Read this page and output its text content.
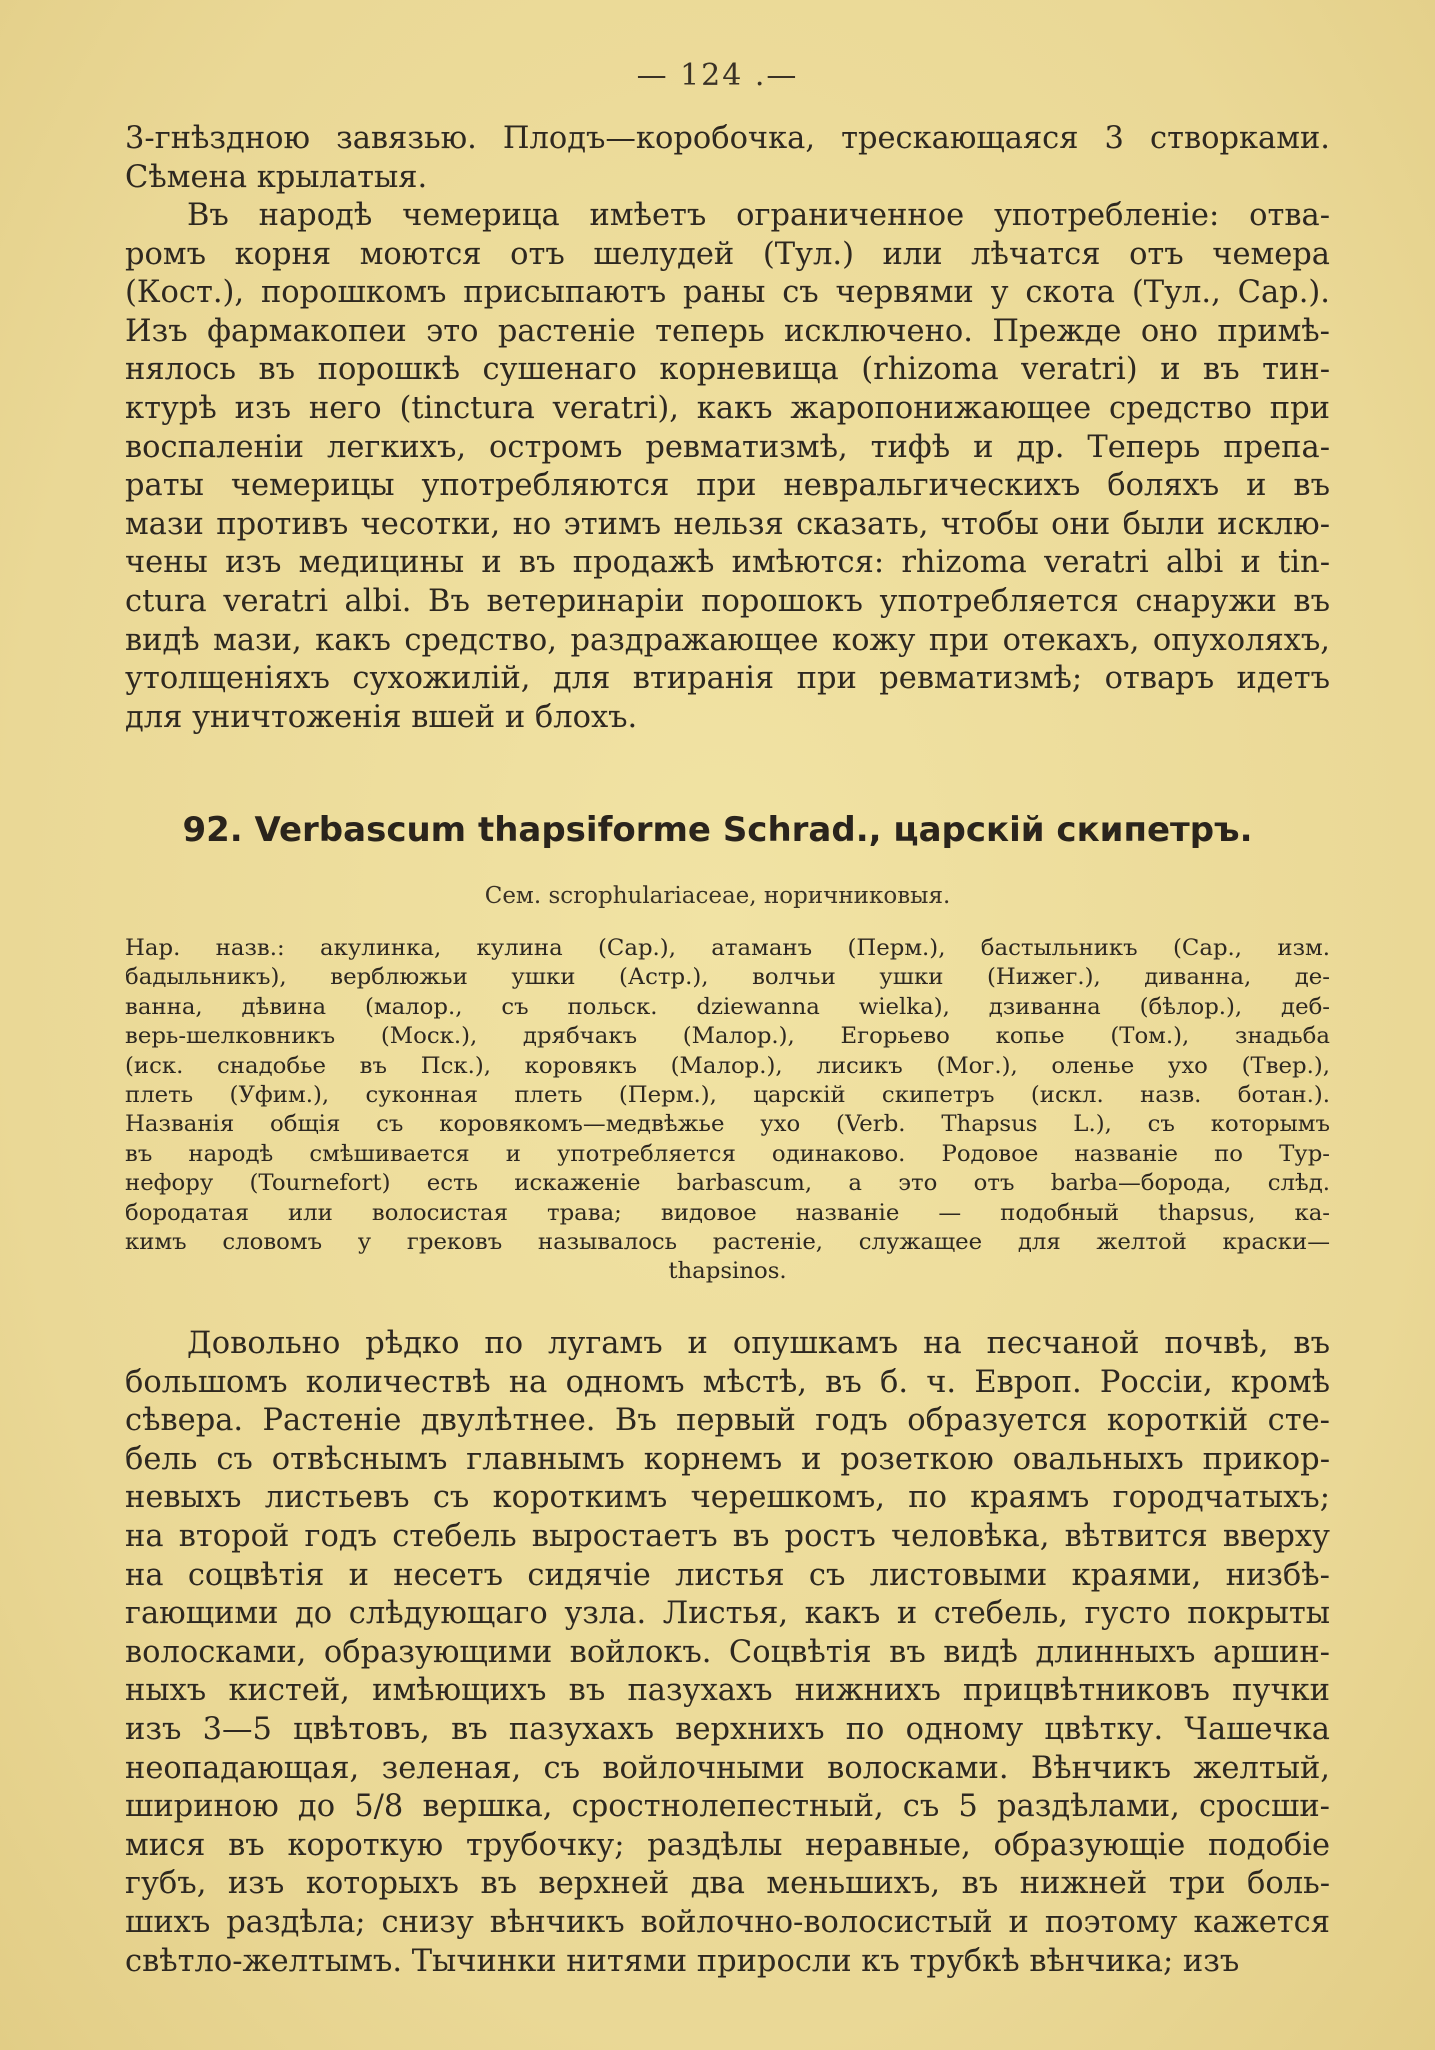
— 124 .—

3-гнѣздною завязью. Плодъ—коробочка, трескающаяся 3 створками.
Сѣмена крылатыя.

Въ народѣ чемерица имѣетъ ограниченное употребленіе: отва-
ромъ корня моются отъ шелудей (Тул.) или лѣчатся отъ чемера
(Кост.), порошкомъ присыпаютъ раны съ червями у скота (Тул., Сар.).
Изъ фармакопеи это растеніе теперь исключено. Прежде оно примѣ-
нялось въ порошкѣ сушенаго корневища (rhizoma veratri) и въ тин-
ктурѣ изъ него (tinctura veratri), какъ жаропонижающее средство при
воспаленіи легкихъ, остромъ ревматизмѣ, тифѣ и др. Теперь препа-
раты чемерицы употребляются при невральгическихъ боляхъ и въ
мази противъ чесотки, но этимъ нельзя сказать, чтобы они были исклю-
чены изъ медицины и въ продажѣ имѣются: rhizoma veratri albi и tin-
ctura veratri albi. Въ ветеринаріи порошокъ употребляется снаружи въ
видѣ мази, какъ средство, раздражающее кожу при отекахъ, опухоляхъ,
утолщеніяхъ сухожилій, для втиранія при ревматизмѣ; отваръ идетъ
для уничтоженія вшей и блохъ.

92. Verbascum thapsiforme Schrad., царскій скипетръ.
Сем. scrophulariaceae, норичниковыя.

Нар. назв.: акулинка, кулина (Сар.), атаманъ (Перм.), бастыльникъ (Сар., изм.
бадыльникъ), верблюжьи ушки (Астр.), волчьи ушки (Нижег.), диванна, де-
ванна, дѣвина (малор., съ польск. dziewanna wielka), дзиванна (бѣлор.), деб-
верь-шелковникъ (Моск.), дрябчакъ (Малор.), Егорьево копье (Том.), знадьба
(иск. снадобье въ Пск.), коровякъ (Малор.), лисикъ (Мог.), оленье ухо (Твер.),
плеть (Уфим.), суконная плеть (Перм.), царскій скипетръ (искл. назв. ботан.).
Названія общія съ коровякомъ—медвѣжье ухо (Verb. Thapsus L.), съ которымъ
въ народѣ смѣшивается и употребляется одинаково. Родовое названіе по Тур-
нефору (Tournefort) есть искаженіе barbascum, а это отъ barba—борода, слѣд.
бородатая или волосистая трава; видовое названіе — подобный thapsus, ка-
кимъ словомъ у грековъ называлось растеніе, служащее для желтой краски—
thapsinos.

Довольно рѣдко по лугамъ и опушкамъ на песчаной почвѣ, въ
большомъ количествѣ на одномъ мѣстѣ, въ б. ч. Европ. Россіи, кромѣ
сѣвера. Растеніе двулѣтнее. Въ первый годъ образуется короткій сте-
бель съ отвѣснымъ главнымъ корнемъ и розеткою овальныхъ прикор-
невыхъ листьевъ съ короткимъ черешкомъ, по краямъ городчатыхъ;
на второй годъ стебель выростаетъ въ ростъ человѣка, вѣтвится вверху
на соцвѣтія и несетъ сидячіе листья съ листовыми краями, низбѣ-
гающими до слѣдующаго узла. Листья, какъ и стебель, густо покрыты
волосками, образующими войлокъ. Соцвѣтія въ видѣ длинныхъ аршин-
ныхъ кистей, имѣющихъ въ пазухахъ нижнихъ прицвѣтниковъ пучки
изъ 3—5 цвѣтовъ, въ пазухахъ верхнихъ по одному цвѣтку. Чашечка
неопадающая, зеленая, съ войлочными волосками. Вѣнчикъ желтый,
шириною до 5/8 вершка, сростнолепестный, съ 5 раздѣлами, сросши-
мися въ короткую трубочку; раздѣлы неравные, образующіе подобіе
губъ, изъ которыхъ въ верхней два меньшихъ, въ нижней три боль-
шихъ раздѣла; снизу вѣнчикъ войлочно-волосистый и поэтому кажется
свѣтло-желтымъ. Тычинки нитями приросли къ трубкѣ вѣнчика; изъ
